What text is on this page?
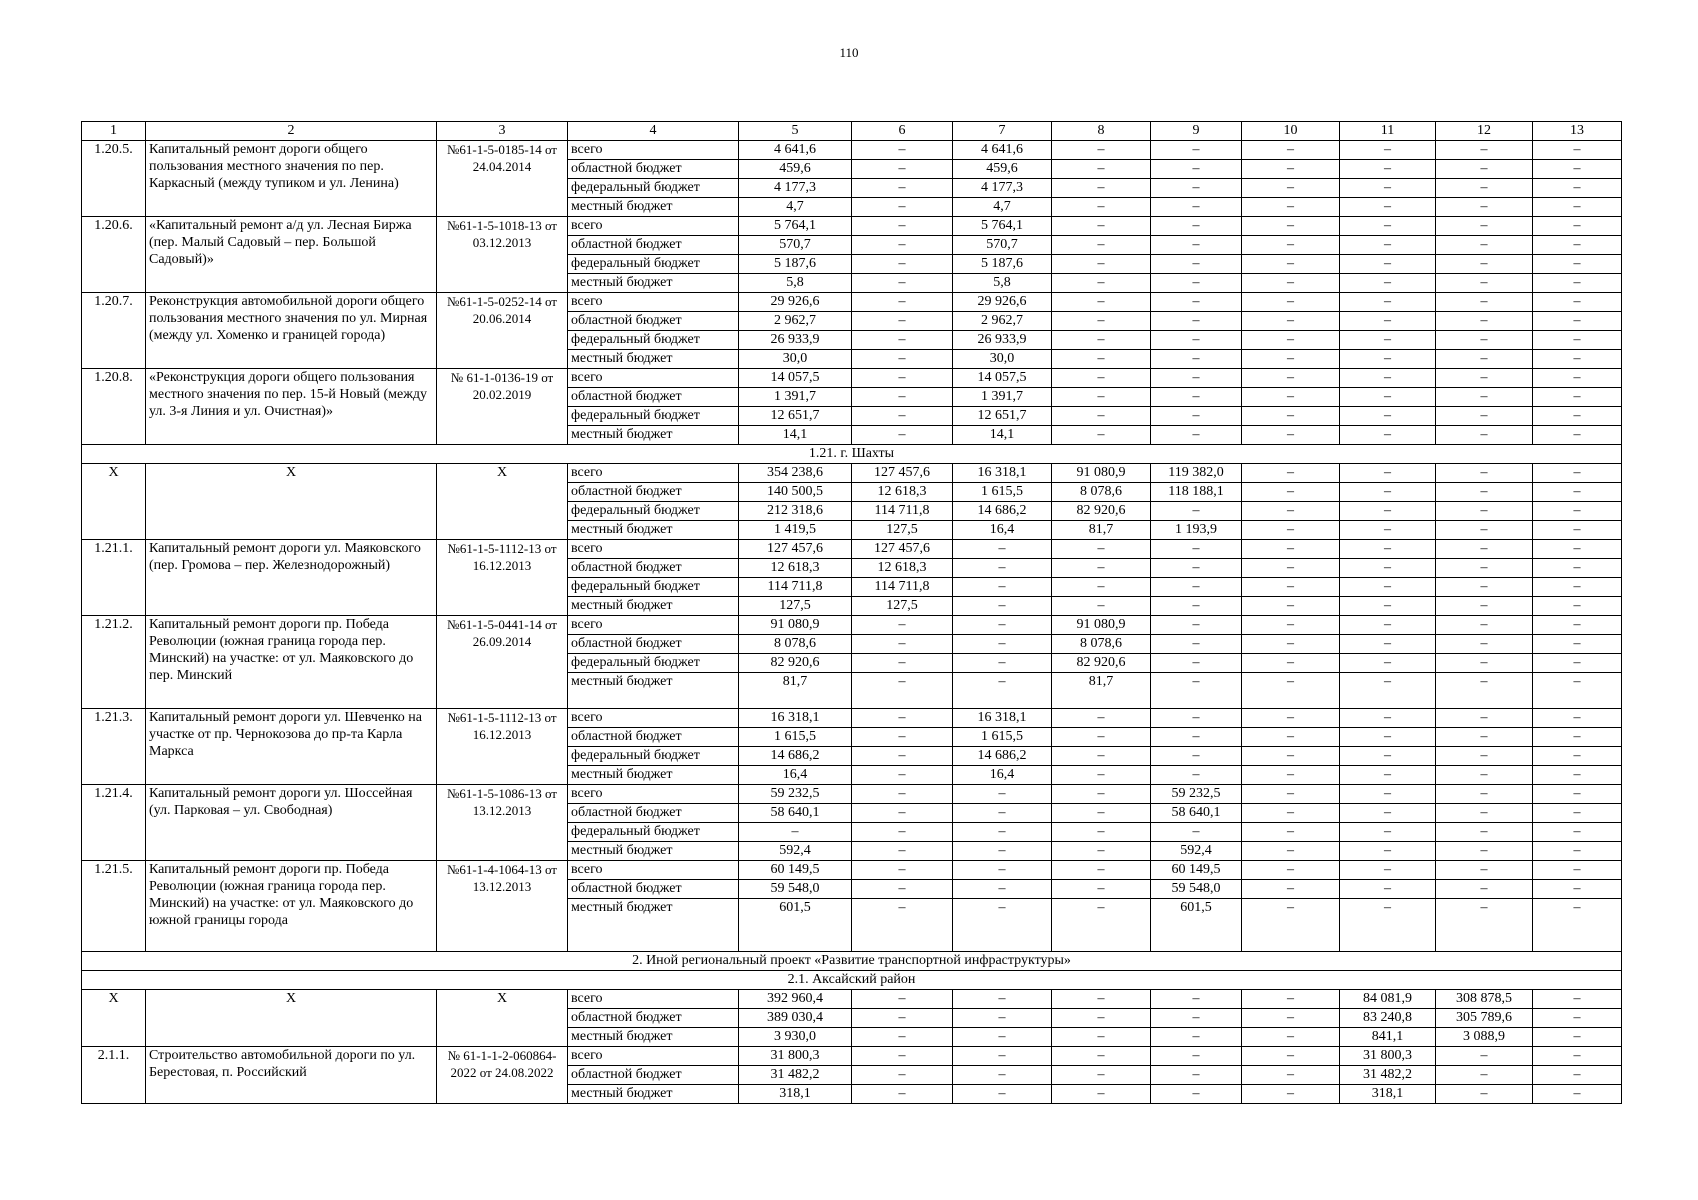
110
1	2	3	4	5	6	7	8	9	10	11	12	13
1.20.5.	Капитальный ремонт дороги общего пользования местного значения по пер. Каркасный (между тупиком и ул. Ленина)	№61-1-5-0185-14 от 24.04.2014	всего	4 641,6	–	4 641,6	–	–	–	–	–	–
			областной бюджет	459,6	–	459,6	–	–	–	–	–	–
			федеральный бюджет	4 177,3	–	4 177,3	–	–	–	–	–	–
			местный бюджет	4,7	–	4,7	–	–	–	–	–	–
1.20.6.	«Капитальный ремонт а/д ул. Лесная Биржа (пер. Малый Садовый – пер. Большой Садовый)»	№61-1-5-1018-13 от 03.12.2013	всего	5 764,1	–	5 764,1	–	–	–	–	–	–
			областной бюджет	570,7	–	570,7	–	–	–	–	–	–
			федеральный бюджет	5 187,6	–	5 187,6	–	–	–	–	–	–
			местный бюджет	5,8	–	5,8	–	–	–	–	–	–
1.20.7.	Реконструкция автомобильной дороги общего пользования местного значения по ул. Мирная (между ул. Хоменко и границей города)	№61-1-5-0252-14 от 20.06.2014	всего	29 926,6	–	29 926,6	–	–	–	–	–	–
			областной бюджет	2 962,7	–	2 962,7	–	–	–	–	–	–
			федеральный бюджет	26 933,9	–	26 933,9	–	–	–	–	–	–
			местный бюджет	30,0	–	30,0	–	–	–	–	–	–
1.20.8.	«Реконструкция дороги общего пользования местного значения по пер. 15-й Новый (между ул. 3-я Линия и ул. Очистная)»	№ 61-1-0136-19 от 20.02.2019	всего	14 057,5	–	14 057,5	–	–	–	–	–	–
			областной бюджет	1 391,7	–	1 391,7	–	–	–	–	–	–
			федеральный бюджет	12 651,7	–	12 651,7	–	–	–	–	–	–
			местный бюджет	14,1	–	14,1	–	–	–	–	–	–
1.21. г. Шахты												
X	X	X	всего	354 238,6	127 457,6	16 318,1	91 080,9	119 382,0	–	–	–	–
			областной бюджет	140 500,5	12 618,3	1 615,5	8 078,6	118 188,1	–	–	–	–
			федеральный бюджет	212 318,6	114 711,8	14 686,2	82 920,6	–	–	–	–	–
			местный бюджет	1 419,5	127,5	16,4	81,7	1 193,9	–	–	–	–
1.21.1.	Капитальный ремонт дороги ул. Маяковского (пер. Громова – пер. Железнодорожный)	№61-1-5-1112-13 от 16.12.2013	всего	127 457,6	127 457,6	–	–	–	–	–	–	–
			областной бюджет	12 618,3	12 618,3	–	–	–	–	–	–	–
			федеральный бюджет	114 711,8	114 711,8	–	–	–	–	–	–	–
			местный бюджет	127,5	127,5	–	–	–	–	–	–	–
1.21.2.	Капитальный ремонт дороги пр. Победа Революции (южная граница города пер. Минский) на участке: от ул. Маяковского до пер. Минский	№61-1-5-0441-14 от 26.09.2014	всего	91 080,9	–	–	91 080,9	–	–	–	–	–
			областной бюджет	8 078,6	–	–	8 078,6	–	–	–	–	–
			федеральный бюджет	82 920,6	–	–	82 920,6	–	–	–	–	–
			местный бюджет	81,7	–	–	81,7	–	–	–	–	–
1.21.3.	Капитальный ремонт дороги ул. Шевченко на участке от пр. Чернокозова до пр-та Карла Маркса	№61-1-5-1112-13 от 16.12.2013	всего	16 318,1	–	16 318,1	–	–	–	–	–	–
			областной бюджет	1 615,5	–	1 615,5	–	–	–	–	–	–
			федеральный бюджет	14 686,2	–	14 686,2	–	–	–	–	–	–
			местный бюджет	16,4	–	16,4	–	–	–	–	–	–
1.21.4.	Капитальный ремонт дороги ул. Шоссейная (ул. Парковая – ул. Свободная)	№61-1-5-1086-13 от 13.12.2013	всего	59 232,5	–	–	–	59 232,5	–	–	–	–
			областной бюджет	58 640,1	–	–	–	58 640,1	–	–	–	–
			федеральный бюджет	–	–	–	–	–	–	–	–	–
			местный бюджет	592,4	–	–	–	592,4	–	–	–	–
1.21.5.	Капитальный ремонт дороги пр. Победа Революции (южная граница города пер. Минский) на участке: от ул. Маяковского до южной границы города	№61-1-4-1064-13 от 13.12.2013	всего	60 149,5	–	–	–	60 149,5	–	–	–	–
			областной бюджет	59 548,0	–	–	–	59 548,0	–	–	–	–
			местный бюджет	601,5	–	–	–	601,5	–	–	–	–
2. Иной региональный проект «Развитие транспортной инфраструктуры»												
2.1. Аксайский район												
X	X	X	всего	392 960,4	–	–	–	–	–	84 081,9	308 878,5	–
			областной бюджет	389 030,4	–	–	–	–	–	83 240,8	305 789,6	–
			местный бюджет	3 930,0	–	–	–	–	–	841,1	3 088,9	–
2.1.1.	Строительство автомобильной дороги по ул. Берестовая, п. Российский	№ 61-1-1-2-060864-2022 от 24.08.2022	всего	31 800,3	–	–	–	–	–	31 800,3	–	–
			областной бюджет	31 482,2	–	–	–	–	–	31 482,2	–	–
			местный бюджет	318,1	–	–	–	–	–	318,1	–	–
